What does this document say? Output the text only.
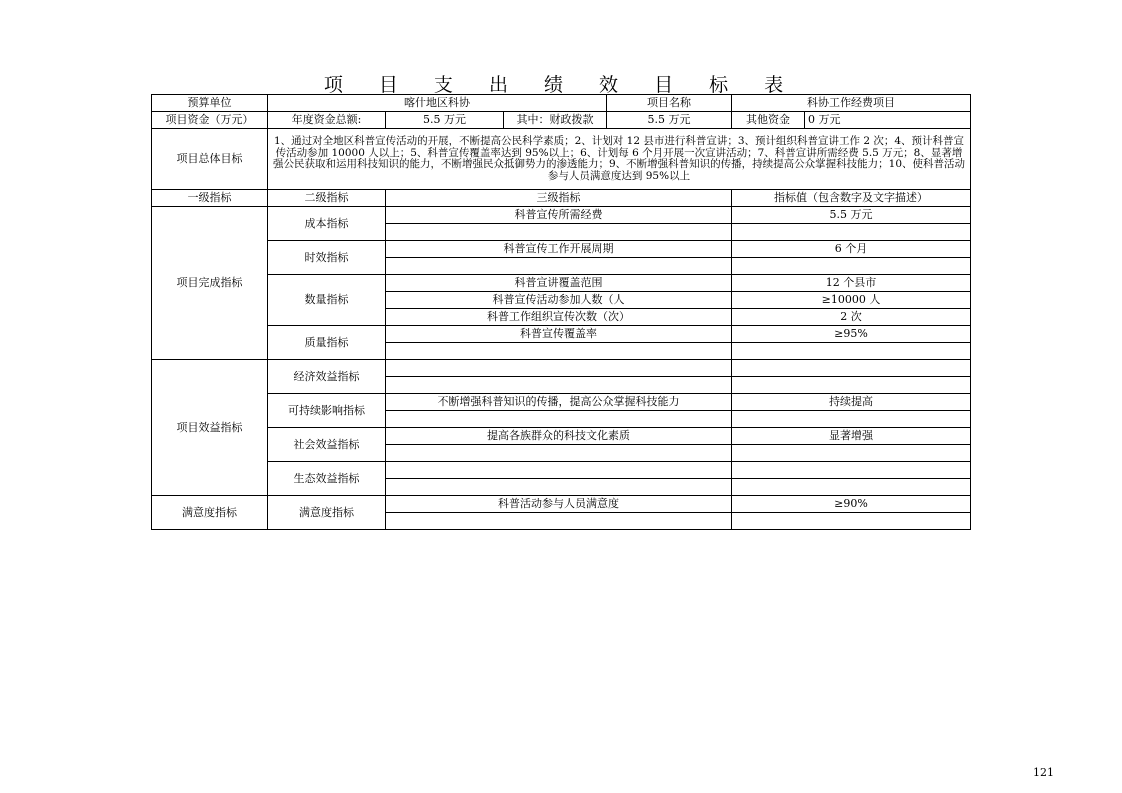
项 目 支 出 绩 效 目 标 表
预算单位	喀什地区科协			项目名称	科协工作经费项目	
项目资金（万元）	年度资金总额:	5.5 万元	其中：财政拨款	5.5 万元	其他资金	0 万元
项目总体目标	1、通过对全地区科普宣传活动的开展，不断提高公民科学素质；2、计划对 12 县市进行科普宣讲；3、预计组织科普宣讲工作 2 次；4、预计科普宣传活动参加 10000 人以上；5、科普宣传覆盖率达到 95%以上；6、计划每 6 个月开展一次宣讲活动；7、科普宣讲所需经费 5.5 万元；8、显著增强公民获取和运用科技知识的能力，不断增强民众抵御势力的渗透能力；9、不断增强科普知识的传播，持续提高公众掌握科技能力；10、使科普活动参与人员满意度达到 95%以上					
一级指标	二级指标	三级指标			指标值（包含数字及文字描述）	
项目完成指标	成本指标	科普宣传所需经费			5.5 万元	

	时效指标	科普宣传工作开展周期			6 个月	

	数量指标	科普宣讲覆盖范围			12 个县市	
		科普宣传活动参加人数（人			≥10000 人	
		科普工作组织宣传次数（次）			2 次	
	质量指标	科普宣传覆盖率			≥95%	

项目效益指标	经济效益指标					

	可持续影响指标	不断增强科普知识的传播，提高公众掌握科技能力			持续提高	

	社会效益指标	提高各族群众的科技文化素质			显著增强	

	生态效益指标					

满意度指标	满意度指标	科普活动参与人员满意度			≥90%	

121
